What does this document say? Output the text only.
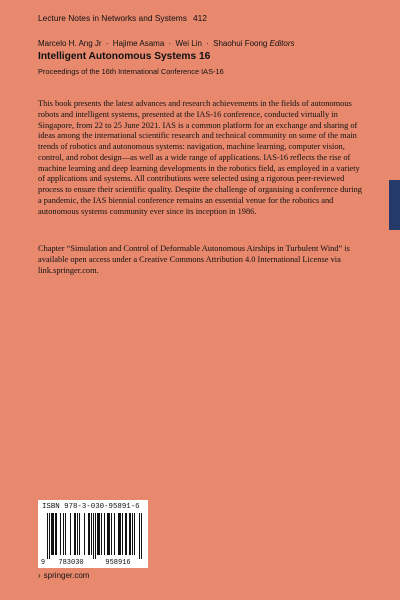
Lecture Notes in Networks and Systems 412
Marcelo H. Ang Jr · Hajime Asama · Wei Lin · Shaohui Foong Editors
Intelligent Autonomous Systems 16
Proceedings of the 16th International Conference IAS-16

This book presents the latest advances and research achievements in the fields of autonomous robots and intelligent systems, presented at the IAS-16 conference, conducted virtually in Singapore, from 22 to 25 June 2021. IAS is a common platform for an exchange and sharing of ideas among the international scientific research and technical community on some of the main trends of robotics and autonomous systems: navigation, machine learning, computer vision, control, and robot design—as well as a wide range of applications. IAS-16 reflects the rise of machine learning and deep learning developments in the robotics field, as employed in a variety of applications and systems. All contributions were selected using a rigorous peer-reviewed process to ensure their scientific quality. Despite the challenge of organising a conference during a pandemic, the IAS biennial conference remains an essential venue for the robotics and autonomous systems community ever since its inception in 1986.

Chapter “Simulation and Control of Deformable Autonomous Airships in Turbulent Wind” is available open access under a Creative Commons Attribution 4.0 International License via link.springer.com.

ISBN 978-3-030-95891-6
9 783030	958916
› springer.com
